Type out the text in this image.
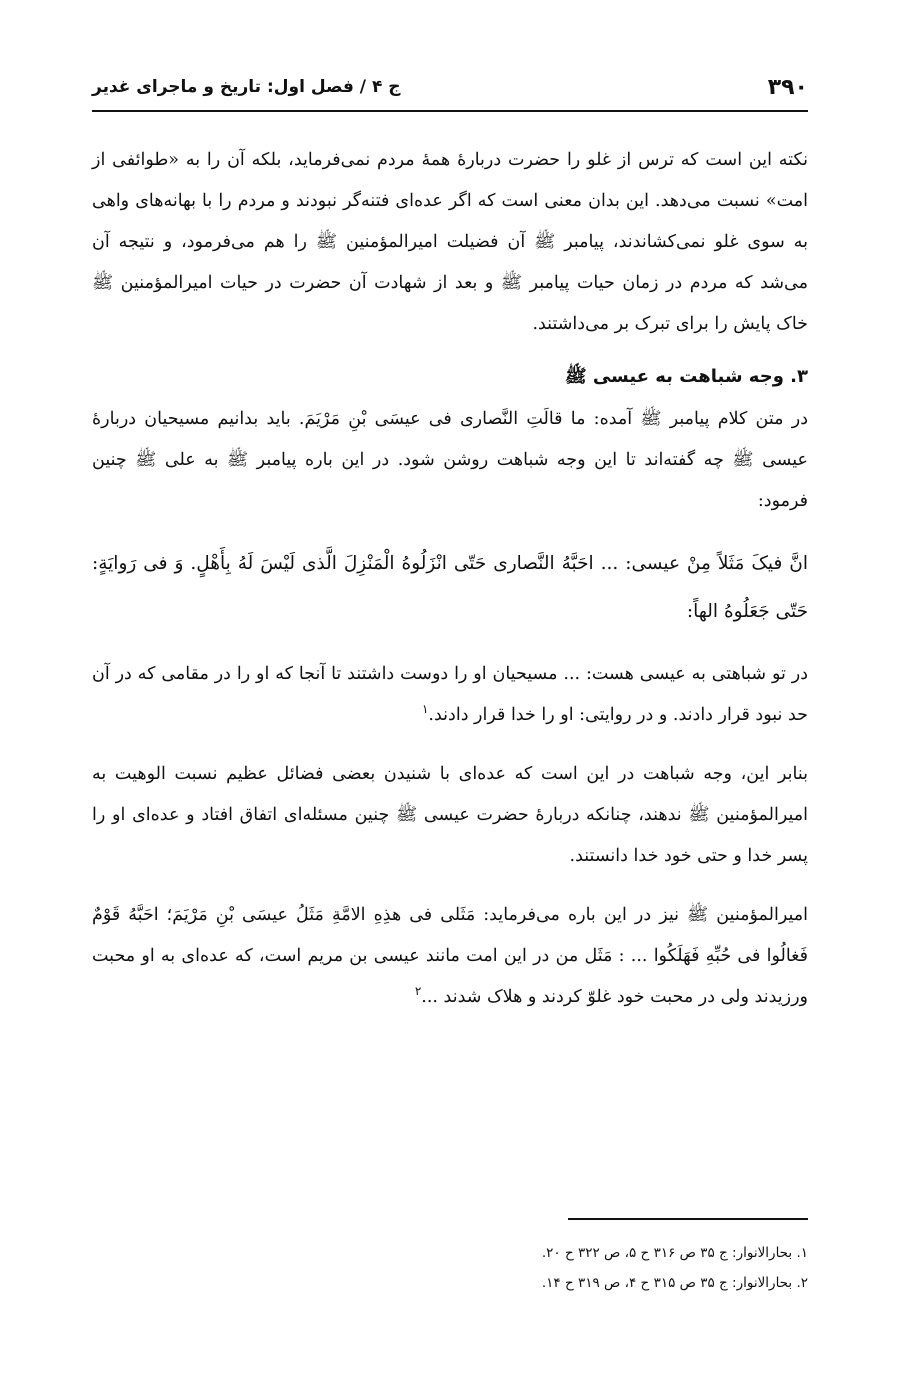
۳۹۰
ج ۴ / فصل اول: تاریخ و ماجرای غدیر

نکته این است که ترس از غلو را حضرت دربارهٔ همهٔ مردم نمی‌فرماید، بلکه آن را به «طوائفی از امت» نسبت می‌دهد. این بدان معنی است که اگر عده‌ای فتنه‌گر نبودند و مردم را با بهانه‌های واهی به سوی غلو نمی‌کشاندند، پیامبر ﷺ آن فضیلت امیرالمؤمنین ﷺ را هم می‌فرمود، و نتیجه آن می‌شد که مردم در زمان حیات پیامبر ﷺ و بعد از شهادت آن حضرت در حیات امیرالمؤمنین ﷺ خاک پایش را برای تبرک بر می‌داشتند.

۳. وجه شباهت به عیسی ﷺ

در متن کلام پیامبر ﷺ آمده: ما قالَتِ النَّصاری فی عیسَی بْنِ مَرْیَمَ. باید بدانیم مسیحیان دربارهٔ عیسی ﷺ چه گفته‌اند تا این وجه شباهت روشن شود. در این باره پیامبر ﷺ به علی ﷺ چنین فرمود:

انَّ فیکَ مَثَلاً مِنْ عیسی: ... احَبَّهُ النَّصاری حَتّی انْزَلُوهُ الْمَنْزِلَ الَّذی لَیْسَ لَهُ بِأَهْلٍ. وَ فی رَوایَةٍ: حَتّی جَعَلُوهُ الهاً:

در تو شباهتی به عیسی هست: ... مسیحیان او را دوست داشتند تا آنجا که او را در مقامی که در آن حد نبود قرار دادند. و در روایتی: او را خدا قرار دادند.$^۱$

بنابر این، وجه شباهت در این است که عده‌ای با شنیدن بعضی فضائل عظیم نسبت الوهیت به امیرالمؤمنین ﷺ ندهند، چنانکه دربارهٔ حضرت عیسی ﷺ چنین مسئله‌ای اتفاق افتاد و عده‌ای او را پسر خدا و حتی خود خدا دانستند.

امیرالمؤمنین ﷺ نیز در این باره می‌فرماید: مَثَلی فی هذِهِ الامَّةِ مَثَلُ عیسَی بْنِ مَرْیَمَ؛ احَبَّهُ قَوْمٌ فَغالُوا فی حُبِّهِ فَهَلَکُوا ... : مَثَل من در این امت مانند عیسی بن مریم است، که عده‌ای به او محبت ورزیدند ولی در محبت خود غلوّ کردند و هلاک شدند ...$^۲$

۱. بحارالانوار: ج ۳۵ ص ۳۱۶ ح ۵، ص ۳۲۲ ح ۲۰.

۲. بحارالانوار: ج ۳۵ ص ۳۱۵ ح ۴، ص ۳۱۹ ح ۱۴.
